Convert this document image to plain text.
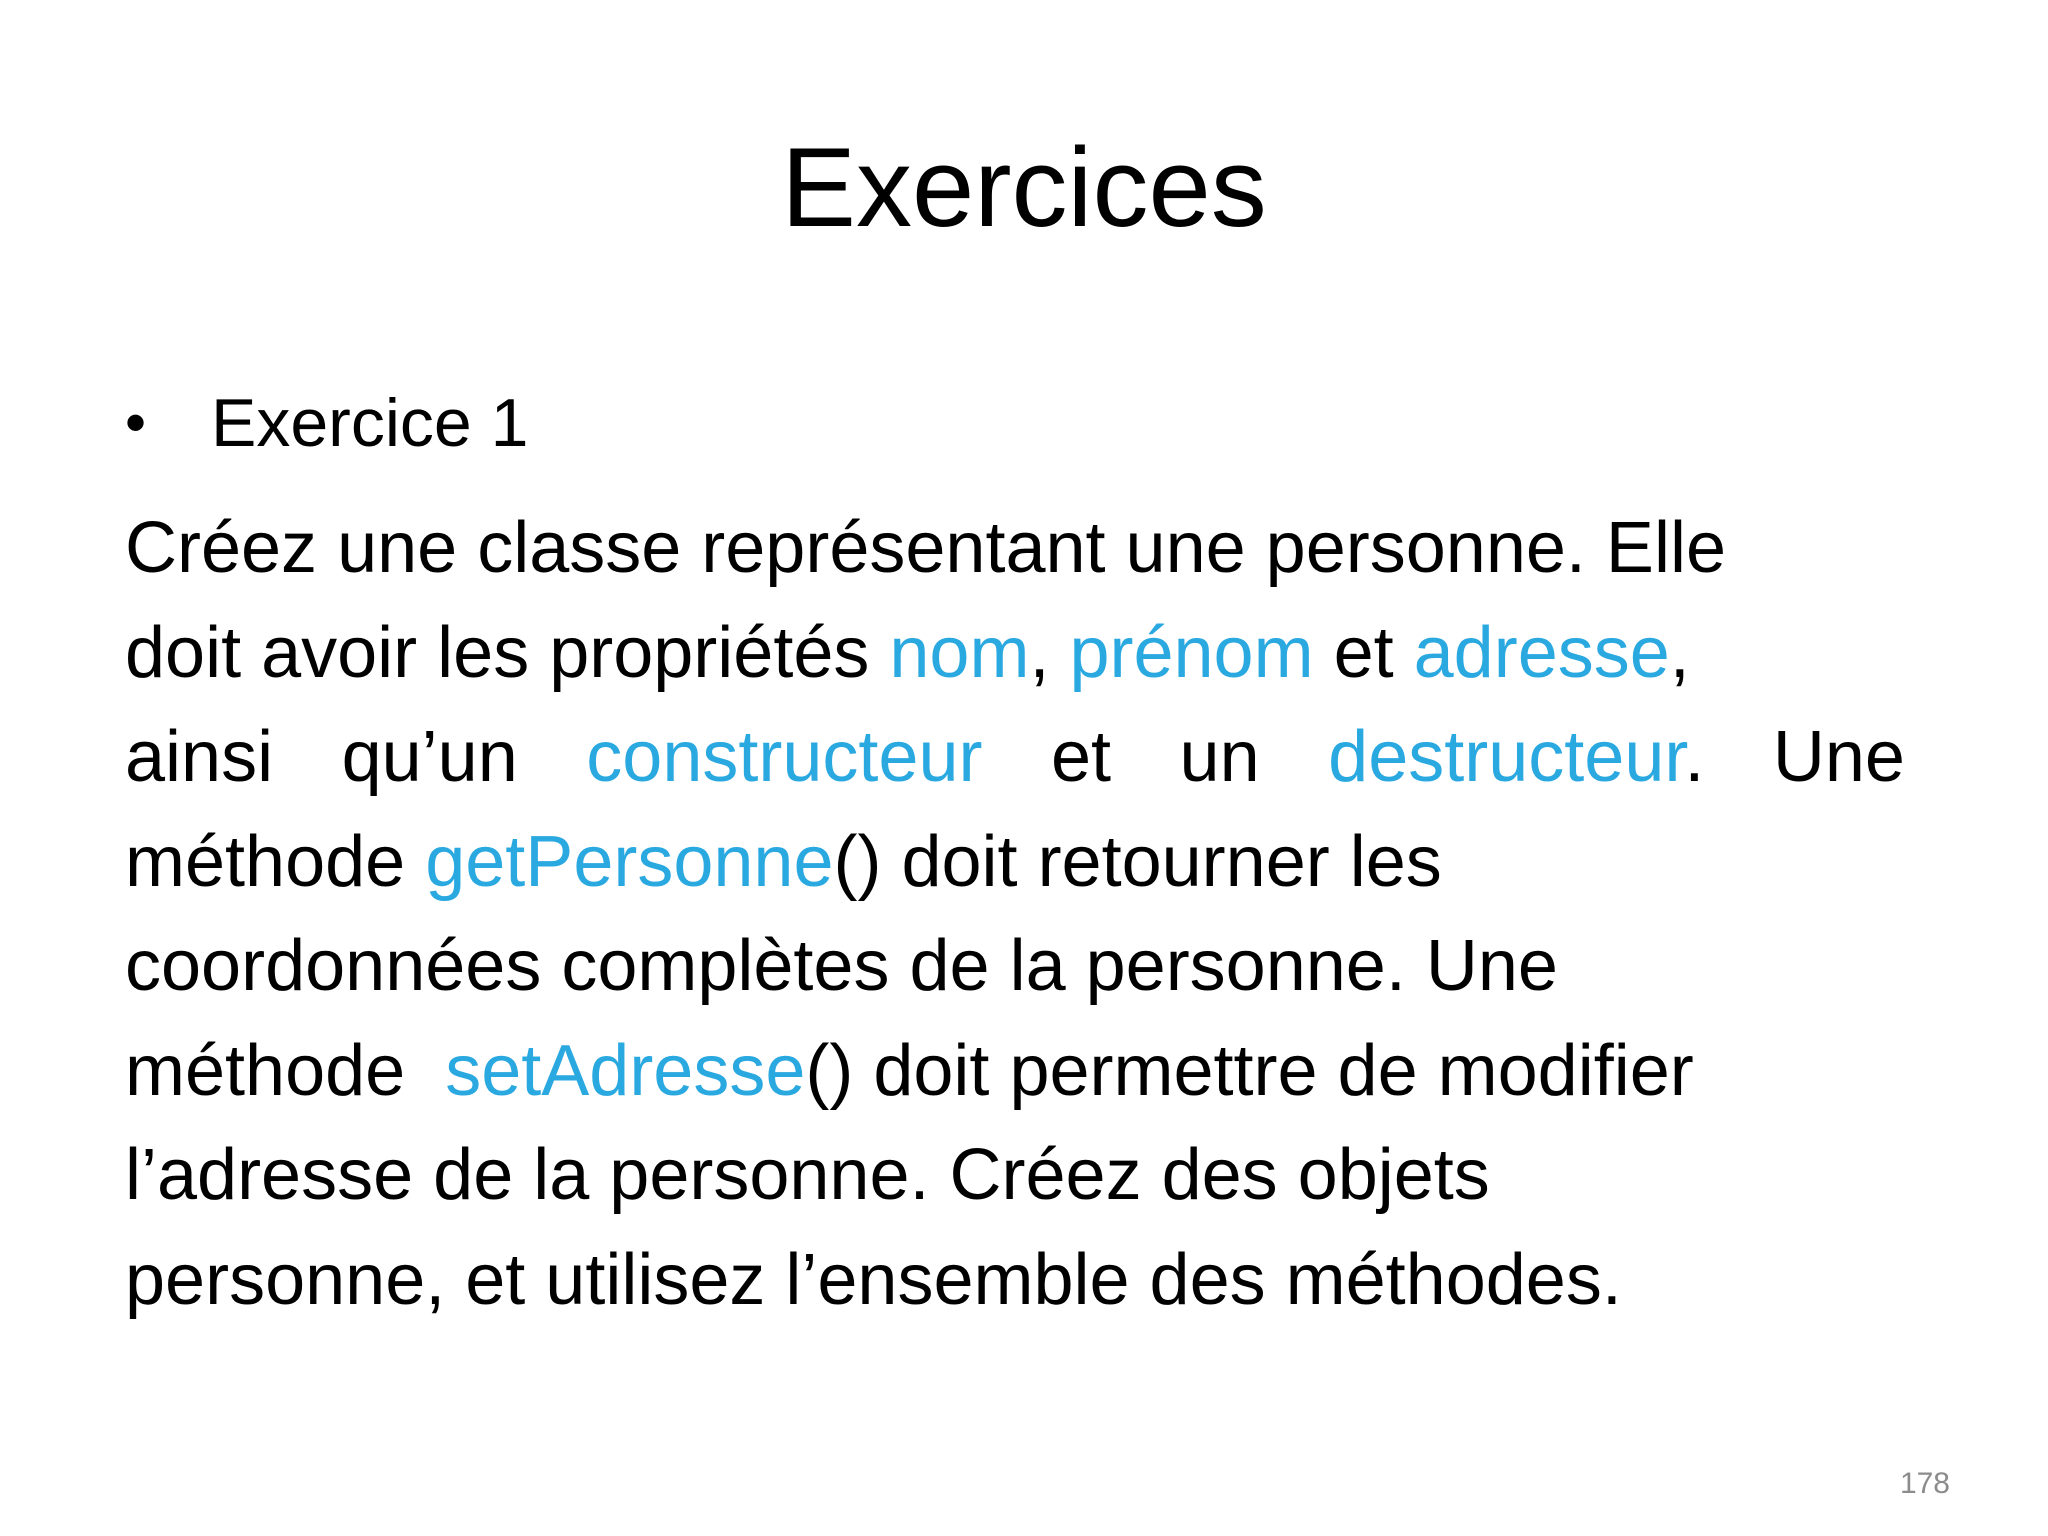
Exercices
• Exercice 1
Créez une classe représentant une personne. Elle
doit avoir les propriétés nom, prénom et adresse,
ainsi qu’un constructeur et un destructeur. Une
méthode getPersonne() doit retourner les
coordonnées complètes de la personne. Une
méthode  setAdresse() doit permettre de modifier
l’adresse de la personne. Créez des objets
personne, et utilisez l’ensemble des méthodes.
178
